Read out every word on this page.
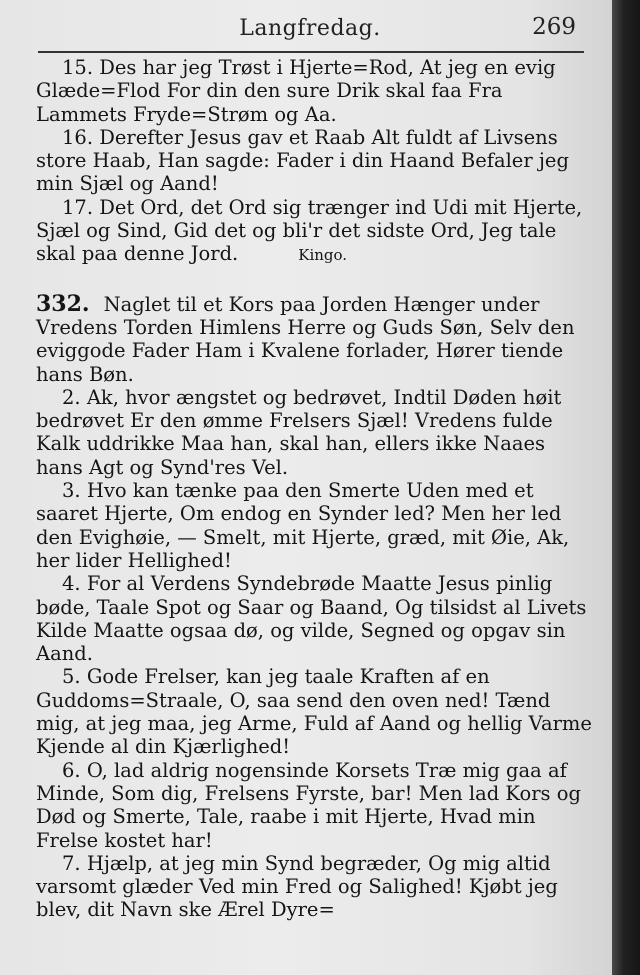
Langfredag.	269

15. Des har jeg Trøst i Hjerte=Rod, At jeg en evig Glæde=Flod For din den sure Drik skal faa Fra Lammets Fryde=Strøm og Aa.

16. Derefter Jesus gav et Raab Alt fuldt af Livsens store Haab, Han sagde: Fader i din Haand Befaler jeg min Sjæl og Aand!

17. Det Ord, det Ord sig trænger ind Udi mit Hjerte, Sjæl og Sind, Gid det og bli'r det sidste Ord, Jeg tale skal paa denne Jord.	Kingo.

332. Naglet til et Kors paa Jorden Hænger under Vredens Torden Himlens Herre og Guds Søn, Selv den eviggode Fader Ham i Kvalene forlader, Hører tiende hans Bøn.

2. Ak, hvor ængstet og bedrøvet, Indtil Døden høit bedrøvet Er den ømme Frelsers Sjæl! Vredens fulde Kalk uddrikke Maa han, skal han, ellers ikke Naaes hans Agt og Synd'res Vel.

3. Hvo kan tænke paa den Smerte Uden med et saaret Hjerte, Om endog en Synder led? Men her led den Evighøie, — Smelt, mit Hjerte, græd, mit Øie, Ak, her lider Hellighed!

4. For al Verdens Syndebrøde Maatte Jesus pinlig bøde, Taale Spot og Saar og Baand, Og tilsidst al Livets Kilde Maatte ogsaa dø, og vilde, Segned og opgav sin Aand.

5. Gode Frelser, kan jeg taale Kraften af en Guddoms=Straale, O, saa send den oven ned! Tænd mig, at jeg maa, jeg Arme, Fuld af Aand og hellig Varme Kjende al din Kjærlighed!

6. O, lad aldrig nogensinde Korsets Træ mig gaa af Minde, Som dig, Frelsens Fyrste, bar! Men lad Kors og Død og Smerte, Tale, raabe i mit Hjerte, Hvad min Frelse kostet har!

7. Hjælp, at jeg min Synd begræder, Og mig altid varsomt glæder Ved min Fred og Salighed! Kjøbt jeg blev, dit Navn ske Ærel Dyre=
